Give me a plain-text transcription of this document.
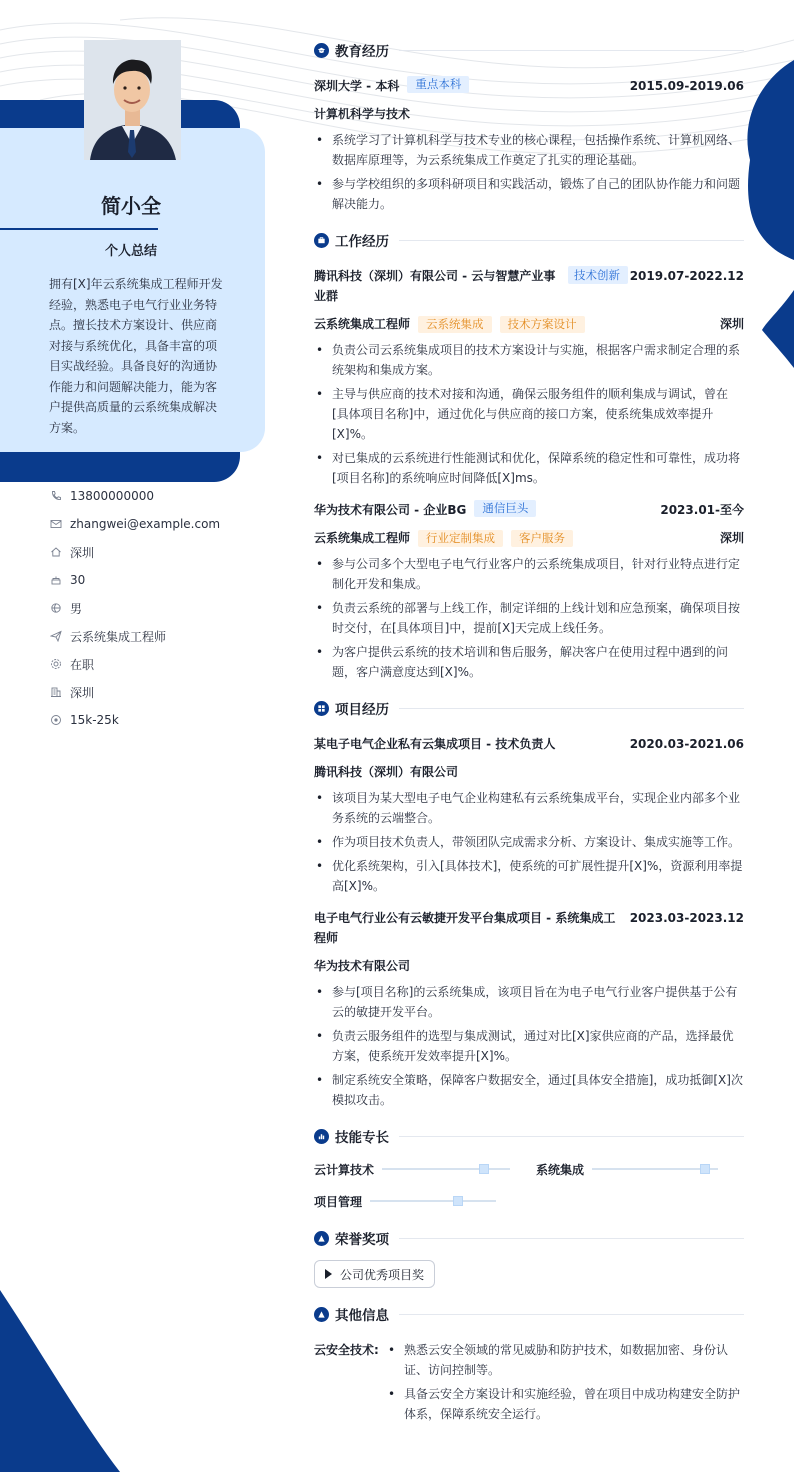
简小全
个人总结
拥有[X]年云系统集成工程师开发经验，熟悉电子电气行业业务特点。擅长技术方案设计、供应商对接与系统优化，具备丰富的项目实战经验。具备良好的沟通协作能力和问题解决能力，能为客户提供高质量的云系统集成解决方案。
13800000000
zhangwei@example.com
深圳
30
男
云系统集成工程师
在职
深圳
15k-25k
教育经历
深圳大学 - 本科	重点本科	2015.09-2019.06
计算机科学与技术
• 系统学习了计算机科学与技术专业的核心课程，包括操作系统、计算机网络、数据库原理等，为云系统集成工作奠定了扎实的理论基础。
• 参与学校组织的多项科研项目和实践活动，锻炼了自己的团队协作能力和问题解决能力。
工作经历
腾讯科技（深圳）有限公司 - 云与智慧产业事业群
技术创新 2019.07-2022.12
云系统集成工程师	云系统集成	技术方案设计	深圳
• 负责公司云系统集成项目的技术方案设计与实施，根据客户需求制定合理的系统架构和集成方案。
• 主导与供应商的技术对接和沟通，确保云服务组件的顺利集成与调试，曾在[具体项目名称]中，通过优化与供应商的接口方案，使系统集成效率提升[X]%。
• 对已集成的云系统进行性能测试和优化，保障系统的稳定性和可靠性，成功将[项目名称]的系统响应时间降低[X]ms。
华为技术有限公司 - 企业BG	通信巨头	2023.01-至今
云系统集成工程师	行业定制集成	客户服务	深圳
• 参与公司多个大型电子电气行业客户的云系统集成项目，针对行业特点进行定制化开发和集成。
• 负责云系统的部署与上线工作，制定详细的上线计划和应急预案，确保项目按时交付，在[具体项目]中，提前[X]天完成上线任务。
• 为客户提供云系统的技术培训和售后服务，解决客户在使用过程中遇到的问题，客户满意度达到[X]%。
项目经历
某电子电气企业私有云集成项目 - 技术负责人	2020.03-2021.06
腾讯科技（深圳）有限公司
• 该项目为某大型电子电气企业构建私有云系统集成平台，实现企业内部多个业务系统的云端整合。
• 作为项目技术负责人，带领团队完成需求分析、方案设计、集成实施等工作。
• 优化系统架构，引入[具体技术]，使系统的可扩展性提升[X]%，资源利用率提高[X]%。
电子电气行业公有云敏捷开发平台集成项目 - 系统集成工程师
2023.03-2023.12
华为技术有限公司
• 参与[项目名称]的云系统集成，该项目旨在为电子电气行业客户提供基于公有云的敏捷开发平台。
• 负责云服务组件的选型与集成测试，通过对比[X]家供应商的产品，选择最优方案，使系统开发效率提升[X]%。
• 制定系统安全策略，保障客户数据安全，通过[具体安全措施]，成功抵御[X]次模拟攻击。
技能专长
云计算技术	系统集成
项目管理
荣誉奖项
公司优秀项目奖
其他信息
云安全技术:
•	熟悉云安全领域的常见威胁和防护技术，如数据加密、身份认证、访问控制等。
• 具备云安全方案设计和实施经验，曾在项目中成功构建安全防护体系，保障系统安全运行。
